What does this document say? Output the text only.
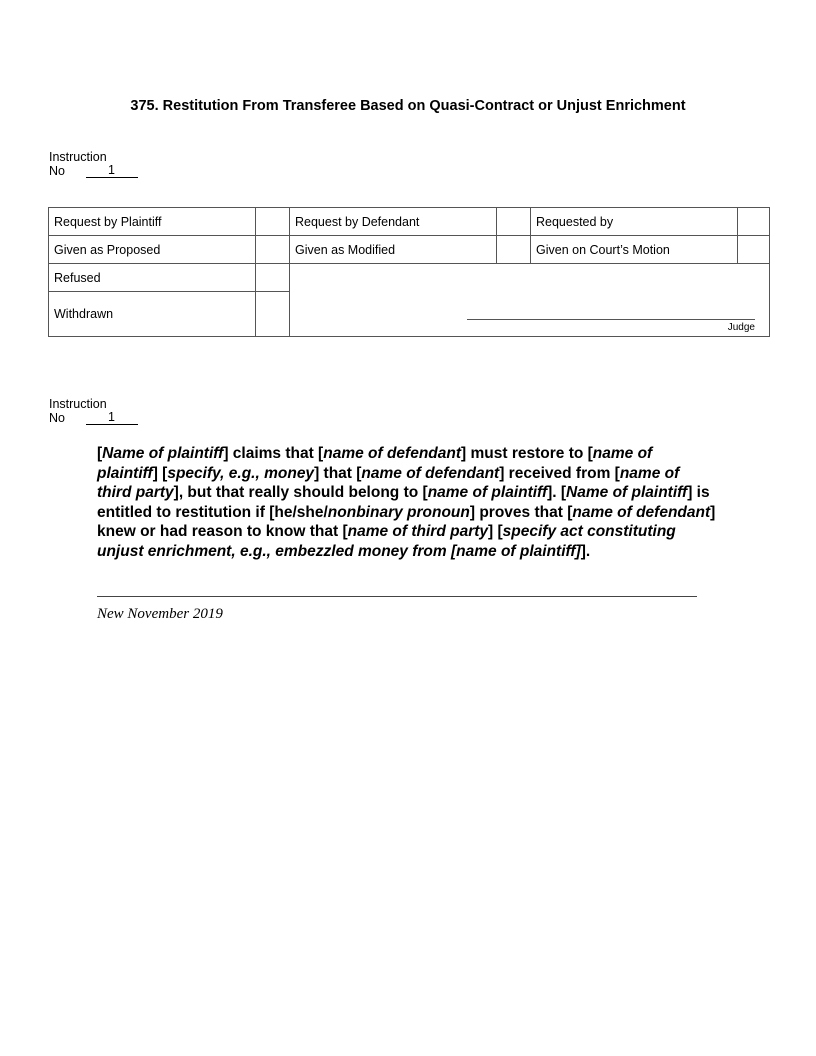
375. Restitution From Transferee Based on Quasi-Contract or Unjust Enrichment
Instruction
No	1
Request by Plaintiff		Request by Defendant		Requested by	
Given as Proposed		Given as Modified		Given on Court’s Motion	
Refused		Judge			

Withdrawn					
Instruction
No	1
[Name of plaintiff] claims that [name of defendant] must restore to [name of plaintiff] [specify, e.g., money] that [name of defendant] received from [name of third party], but that really should belong to [name of plaintiff]. [Name of plaintiff] is entitled to restitution if [he/she/nonbinary pronoun] proves that [name of defendant] knew or had reason to know that [name of third party] [specify act constituting unjust enrichment, e.g., embezzled money from [name of plaintiff]].
New November 2019
